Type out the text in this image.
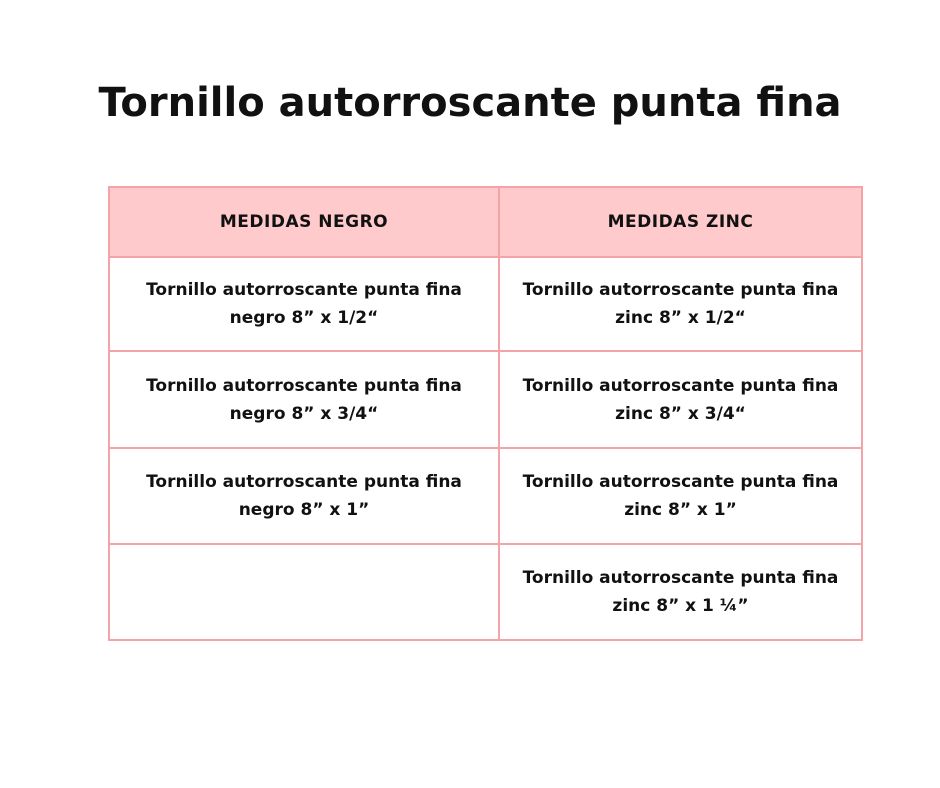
Tornillo autorroscante punta fina
MEDIDAS NEGRO	MEDIDAS ZINC
Tornillo autorroscante punta fina negro 8” x 1/2“	Tornillo autorroscante punta fina zinc 8” x 1/2“
Tornillo autorroscante punta fina negro 8” x 3/4“	Tornillo autorroscante punta fina zinc 8” x 3/4“
Tornillo autorroscante punta fina negro 8” x 1”	Tornillo autorroscante punta fina zinc 8” x 1”
	Tornillo autorroscante punta fina zinc 8” x 1 ¼”
